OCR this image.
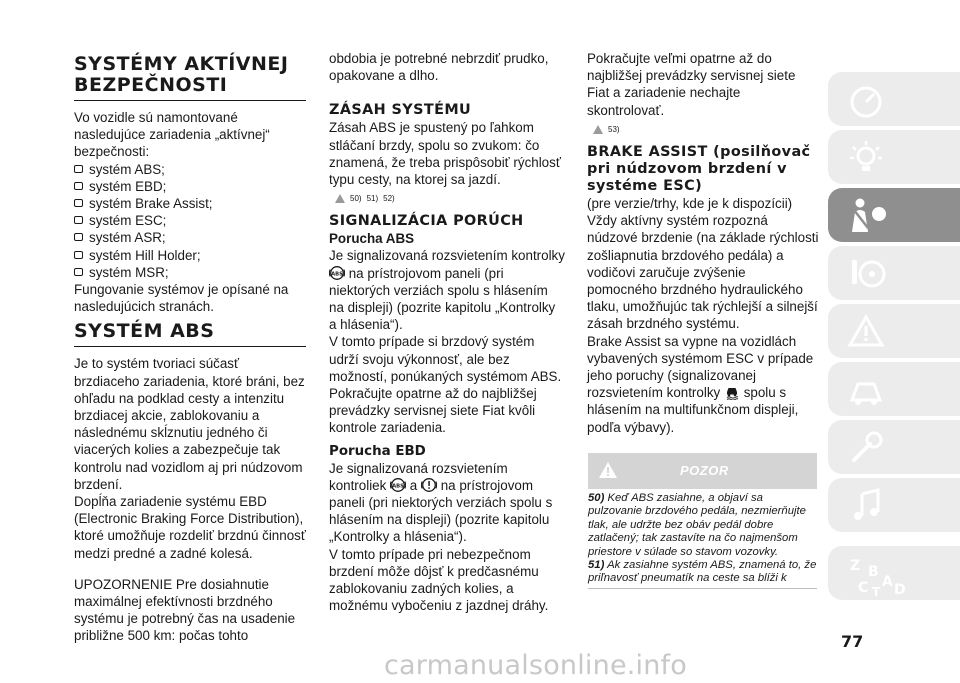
SYSTÉMY AKTÍVNEJ BEZPEČNOSTI

Vo vozidle sú namontované nasledujúce zariadenia „aktívnej“ bezpečnosti:

systém ABS;
systém EBD;
systém Brake Assist;
systém ESC;
systém ASR;
systém Hill Holder;
systém MSR;

Fungovanie systémov je opísané na nasledujúcich stranách.

SYSTÉM ABS

Je to systém tvoriaci súčasť brzdiaceho zariadenia, ktoré bráni, bez ohľadu na podklad cesty a intenzitu brzdiacej akcie, zablokovaniu a následnému skĺznutiu jedného či viacerých kolies a zabezpečuje tak kontrolu nad vozidlom aj pri núdzovom brzdení.

Dopĺňa zariadenie systému EBD (Electronic Braking Force Distribution), ktoré umožňuje rozdeliť brzdnú činnosť medzi predné a zadné kolesá.

UPOZORNENIE Pre dosiahnutie maximálnej efektívnosti brzdného systému je potrebný čas na usadenie približne 500 km: počas tohto

obdobia je potrebné nebrzdiť prudko, opakovane a dlho.

ZÁSAH SYSTÉMU

Zásah ABS je spustený po ľahkom stláčaní brzdy, spolu so zvukom: čo znamená, že treba prispôsobiť rýchlosť typu cesty, na ktorej sa jazdí.

50) 51) 52)
SIGNALIZÁCIA PORÚCH
Porucha ABS

Je signalizovaná rozsvietením kontrolky
ABS na prístrojovom paneli (pri niektorých verziách spolu s hlásením na displeji) (pozrite kapitolu „Kontrolky a hlásenia“).

V tomto prípade si brzdový systém udrží svoju výkonnosť, ale bez možností, ponúkaných systémom ABS. Pokračujte opatrne až do najbližšej prevádzky servisnej siete Fiat kvôli kontrole zariadenia.

Porucha EBD

Je signalizovaná rozsvietením kontroliek ABS a na prístrojovom paneli (pri niektorých verziách spolu s hlásením na displeji) (pozrite kapitolu „Kontrolky a hlásenia“).

V tomto prípade pri nebezpečnom brzdení môže dôjsť k predčasnému zablokovaniu zadných kolies, a možnému vybočeniu z jazdnej dráhy.

Pokračujte veľmi opatrne až do najbližšej prevádzky servisnej siete Fiat a zariadenie nechajte skontrolovať.

53)
BRAKE ASSIST (posilňovač pri núdzovom brzdení v systéme ESC)

(pre verzie/trhy, kde je k dispozícii)

Vždy aktívny systém rozpozná núdzové brzdenie (na základe rýchlosti zošliapnutia brzdového pedála) a vodičovi zaručuje zvýšenie pomocného brzdného hydraulického tlaku, umožňujúc tak rýchlejší a silnejší zásah brzdného systému.

Brake Assist sa vypne na vozidlách vybavených systémom ESC v prípade jeho poruchy (signalizovanej rozsvietením kontrolky spolu s hlásením na multifunkčnom displeji, podľa výbavy).

POZOR
50) Keď ABS zasiahne, a objaví sa pulzovanie brzdového pedála, nezmierňujte tlak, ale udržte bez obáv pedál dobre zatlačený; tak zastavíte na čo najmenšom priestore v súlade so stavom vozovky.
51) Ak zasiahne systém ABS, znamená to, že priľnavosť pneumatík na ceste sa blíži k
Z B
C A
T D
77
carmanualsonline.info
